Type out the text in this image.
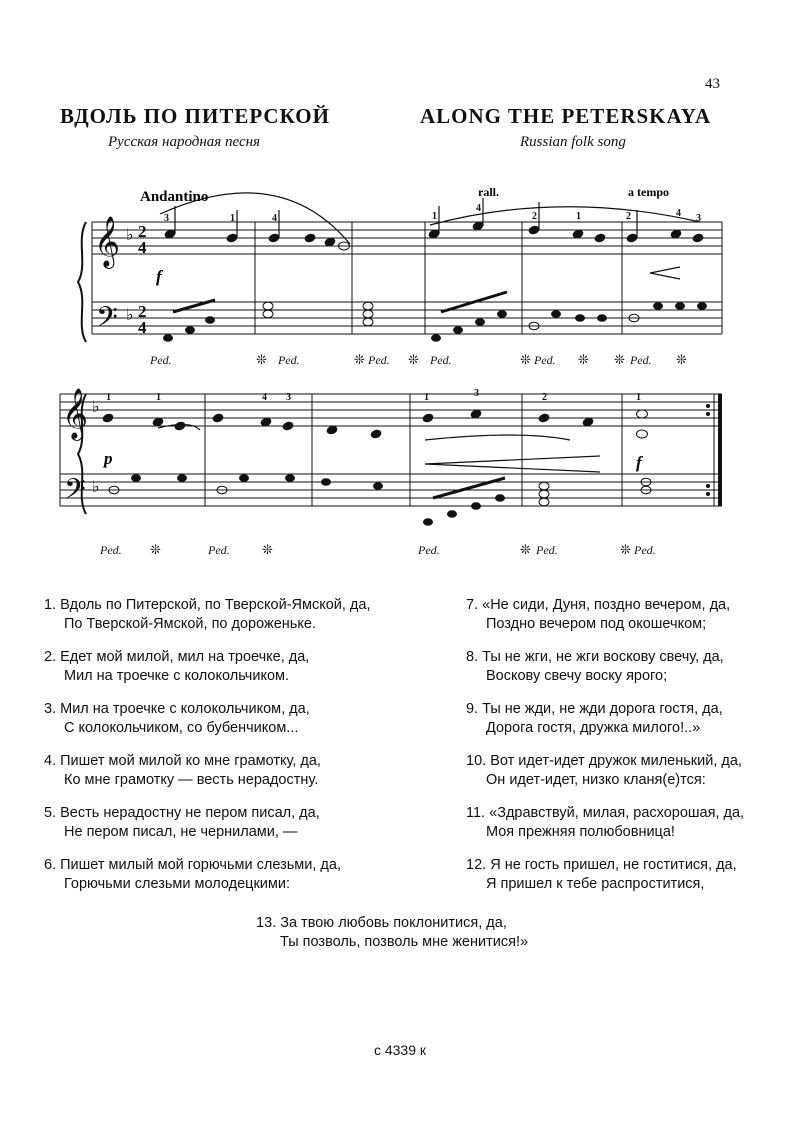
43
ВДОЛЬ ПО ПИТЕРСКОЙ
Русская народная песня
ALONG THE PETERSKAYA
Russian folk song
𝄞
𝄢
𝄞
𝄢
♭
♭
♭
♭
2
4
2
4
Andantino	rall.	a tempo
f
p	f
Ped.	Ped.	Ped.	Ped.	Ped.	Ped.
Ped.	Ped.	Ped.	Ped.	Ped.
❊	❊	❊	❊	❊ ❊	❊
❊	❊	❊	❊
3	1	4	1
4
2	1	2	4 3
1	1	4 3	1	3	2	1
1. Вдоль по Питерской, по Тверской-Ямской, да,
По Тверской-Ямской, по дороженьке.
2. Едет мой милой, мил на троечке, да,
Мил на троечке с колокольчиком.
3. Мил на троечке с колокольчиком, да,
С колокольчиком, со бубенчиком...
4. Пишет мой милой ко мне грамотку, да,
Ко мне грамотку — весть нерадостну.
5. Весть нерадостну не пером писал, да,
Не пером писал, не чернилами, —
6. Пишет милый мой горючьми слезьми, да,
Горючьми слезьми молодецкими:
7. «Не сиди, Дуня, поздно вечером, да,
Поздно вечером под окошечком;
8. Ты не жги, не жги воскову свечу, да,
Воскову свечу воску ярого;
9. Ты не жди, не жди дорога гостя, да,
Дорога гостя, дружка милого!..»
10. Вот идет-идет дружок миленький, да,
Он идет-идет, низко кланя(е)тся:
11. «Здравствуй, милая, расхорошая, да,
Моя прежняя полюбовница!
12. Я не гость пришел, не гоститися, да,
Я пришел к тебе распроститися,
13. За твою любовь поклонитися, да,
Ты позволь, позволь мне женитися!»
с 4339 к
